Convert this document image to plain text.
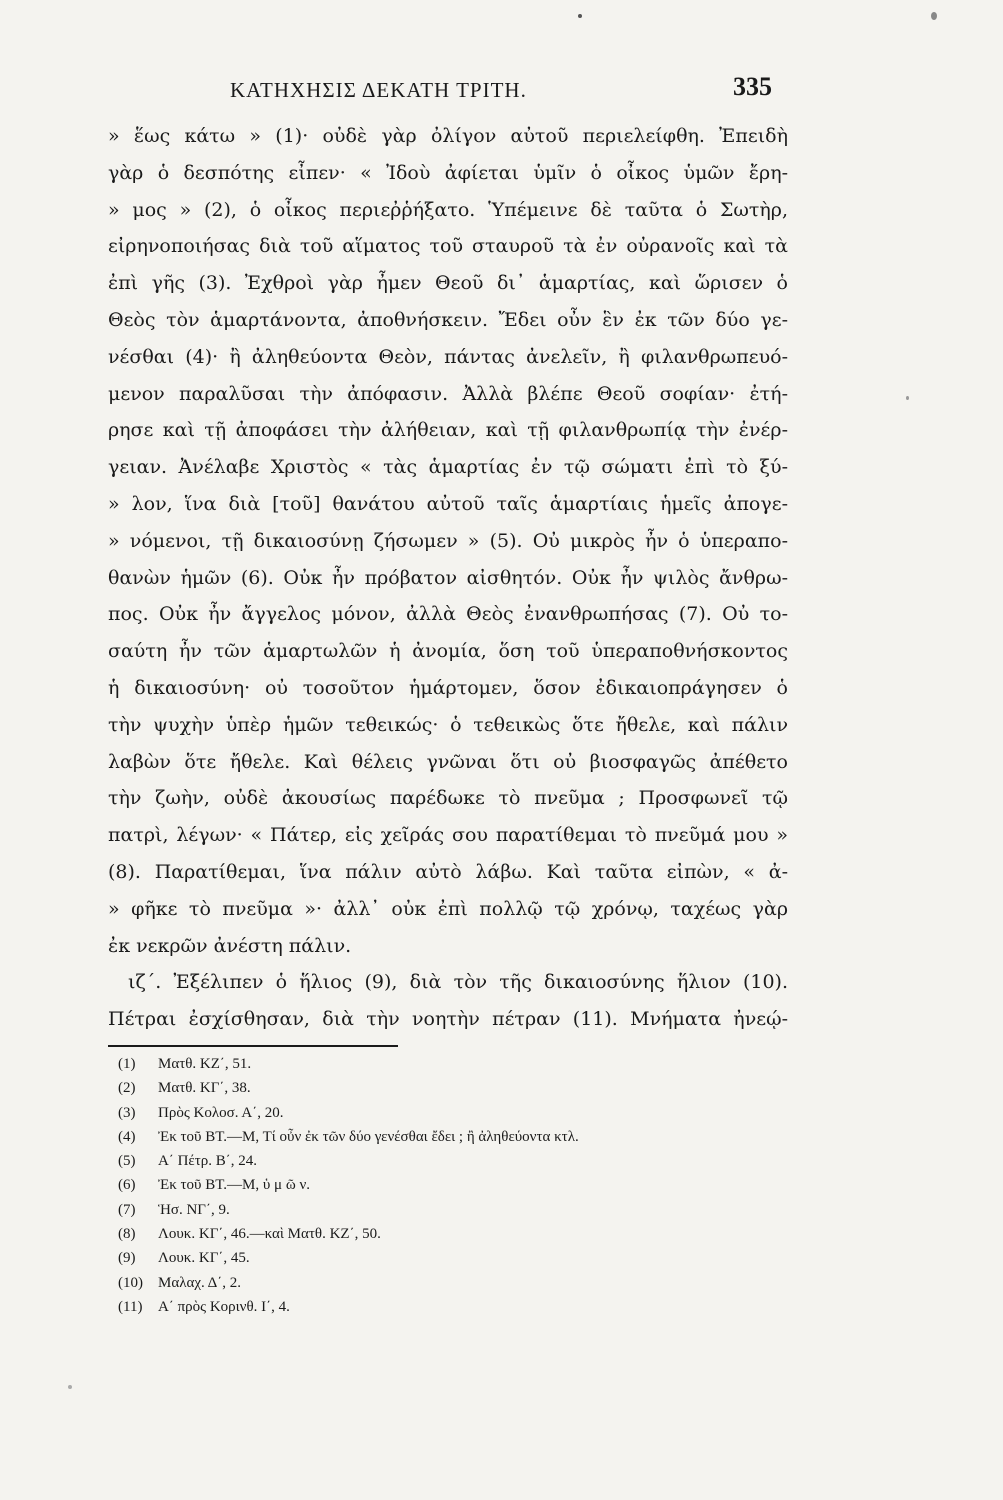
ΚΑΤΗΧΗΣΙΣ ΔΕΚΑΤΗ ΤΡΙΤΗ.	335
» ἕως κάτω » (1)· οὐδὲ γὰρ ὀλίγον αὐτοῦ περιελείφθη. Ἐπειδὴ
γὰρ ὁ δεσπότης εἶπεν· « Ἰδοὺ ἀφίεται ὑμῖν ὁ οἶκος ὑμῶν ἔρη-
» μος » (2), ὁ οἶκος περιεῤῥήξατο. Ὑπέμεινε δὲ ταῦτα ὁ Σωτὴρ,
εἰρηνοποιήσας διὰ τοῦ αἵματος τοῦ σταυροῦ τὰ ἐν οὐρανοῖς καὶ τὰ
ἐπὶ γῆς (3). Ἐχθροὶ γὰρ ἦμεν Θεοῦ δι᾽ ἁμαρτίας, καὶ ὥρισεν ὁ
Θεὸς τὸν ἁμαρτάνοντα, ἀποθνήσκειν. Ἔδει οὖν ἓν ἐκ τῶν δύο γε-
νέσθαι (4)· ἢ ἀληθεύοντα Θεὸν, πάντας ἀνελεῖν, ἢ φιλανθρωπευό-
μενον παραλῦσαι τὴν ἀπόφασιν. Ἀλλὰ βλέπε Θεοῦ σοφίαν· ἐτή-
ρησε καὶ τῇ ἀποφάσει τὴν ἀλήθειαν, καὶ τῇ φιλανθρωπίᾳ τὴν ἐνέρ-
γειαν. Ἀνέλαβε Χριστὸς « τὰς ἁμαρτίας ἐν τῷ σώματι ἐπὶ τὸ ξύ-
» λον, ἵνα διὰ [τοῦ] θανάτου αὐτοῦ ταῖς ἁμαρτίαις ἡμεῖς ἀπογε-
» νόμενοι, τῇ δικαιοσύνῃ ζήσωμεν » (5). Οὐ μικρὸς ἦν ὁ ὑπεραπο-
θανὼν ἡμῶν (6). Οὐκ ἦν πρόβατον αἰσθητόν. Οὐκ ἦν ψιλὸς ἄνθρω-
πος. Οὐκ ἦν ἄγγελος μόνον, ἀλλὰ Θεὸς ἐνανθρωπήσας (7). Οὐ το-
σαύτη ἦν τῶν ἁμαρτωλῶν ἡ ἀνομία, ὅση τοῦ ὑπεραποθνήσκοντος
ἡ δικαιοσύνη· οὐ τοσοῦτον ἡμάρτομεν, ὅσον ἐδικαιοπράγησεν ὁ
τὴν ψυχὴν ὑπὲρ ἡμῶν τεθεικώς· ὁ τεθεικὼς ὅτε ἤθελε, καὶ πάλιν
λαβὼν ὅτε ἤθελε. Καὶ θέλεις γνῶναι ὅτι οὐ βιοσφαγῶς ἀπέθετο
τὴν ζωὴν, οὐδὲ ἀκουσίως παρέδωκε τὸ πνεῦμα ; Προσφωνεῖ τῷ
πατρὶ, λέγων· « Πάτερ, εἰς χεῖράς σου παρατίθεμαι τὸ πνεῦμά μου »
(8). Παρατίθεμαι, ἵνα πάλιν αὐτὸ λάβω. Καὶ ταῦτα εἰπὼν, « ἀ-
» φῆκε τὸ πνεῦμα »· ἀλλ᾽ οὐκ ἐπὶ πολλῷ τῷ χρόνῳ, ταχέως γὰρ
ἐκ νεκρῶν ἀνέστη πάλιν.
ιζ΄. Ἐξέλιπεν ὁ ἥλιος (9), διὰ τὸν τῆς δικαιοσύνης ἥλιον (10).
Πέτραι ἐσχίσθησαν, διὰ τὴν νοητὴν πέτραν (11). Μνήματα ἠνεῴ-
(1) Ματθ. ΚΖ΄, 51.
(2) Ματθ. ΚΓ΄, 38.
(3) Πρὸς Κολοσ. Α΄, 20.
(4) Ἐκ τοῦ ΒΤ.—Μ, Τί οὖν ἐκ τῶν δύο γενέσθαι ἔδει ; ἢ ἀληθεύοντα κτλ.
(5) Α΄ Πέτρ. Β΄, 24.
(6) Ἐκ τοῦ ΒΤ.—Μ, ὑ μ ῶ ν.
(7) Ἡσ. ΝΓ΄, 9.
(8) Λουκ. ΚΓ΄, 46.—καὶ Ματθ. ΚΖ΄, 50.
(9) Λουκ. ΚΓ΄, 45.
(10) Μαλαχ. Δ΄, 2.
(11) Α΄ πρὸς Κορινθ. Ι΄, 4.
